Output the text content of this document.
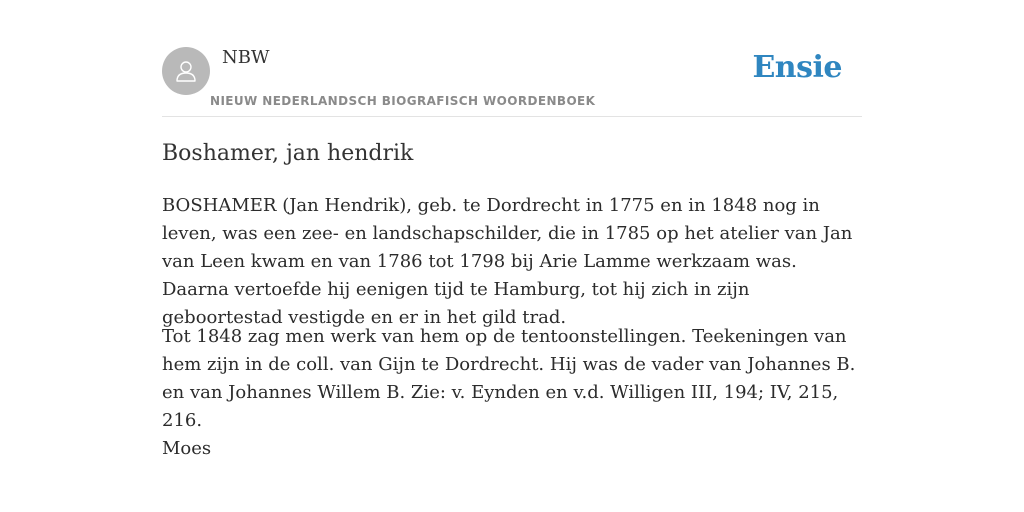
NBW
NIEUW NEDERLANDSCH BIOGRAFISCH WOORDENBOEK
Ensie
Boshamer, jan hendrik

BOSHAMER (Jan Hendrik), geb. te Dordrecht in 1775 en in 1848 nog in leven, was een zee- en landschapschilder, die in 1785 op het atelier van Jan van Leen kwam en van 1786 tot 1798 bij Arie Lamme werkzaam was. Daarna vertoefde hij eenigen tijd te Hamburg, tot hij zich in zijn geboortestad vestigde en er in het gild trad.

Tot 1848 zag men werk van hem op de tentoonstellingen. Teekeningen van hem zijn in de coll. van Gijn te Dordrecht. Hij was de vader van Johannes B. en van Johannes Willem B. Zie: v. Eynden en v.d. Willigen III, 194; IV, 215, 216.

Moes
